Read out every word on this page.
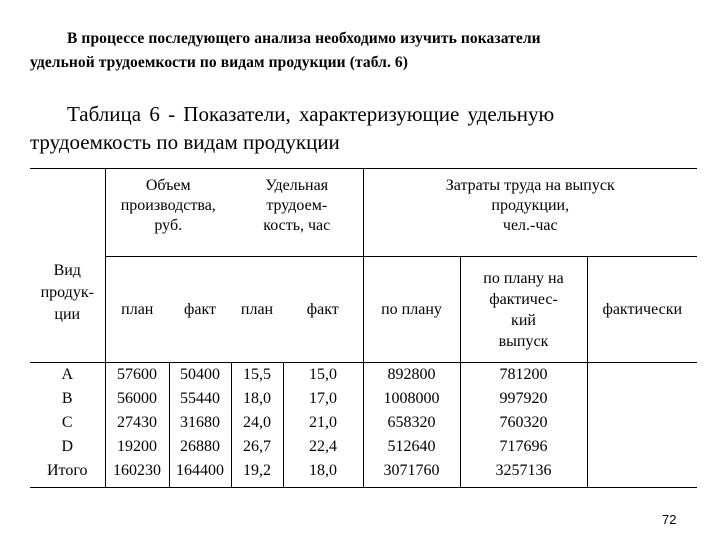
В процессе последующего анализа необходимо изучить показатели
удельной трудоемкости по видам продукции (табл. 6)
Таблица 6 - Показатели, характеризующие удельную
трудоемкость по видам продукции
Вид
продук-
ции	Объем
производства,
руб.		Удельная
трудоем-
кость, час		Затраты труда на выпуск
продукции,
чел.-час		
	план	факт	план	факт	по плану	по плану на
фактичес-
кий
выпуск	фактически
А	57600	50400	15,5	15,0	892800	781200	
В	56000	55440	18,0	17,0	1008000	997920	
С	27430	31680	24,0	21,0	658320	760320	
D	19200	26880	26,7	22,4	512640	717696	
Итого	160230	164400	19,2	18,0	3071760	3257136	
72
